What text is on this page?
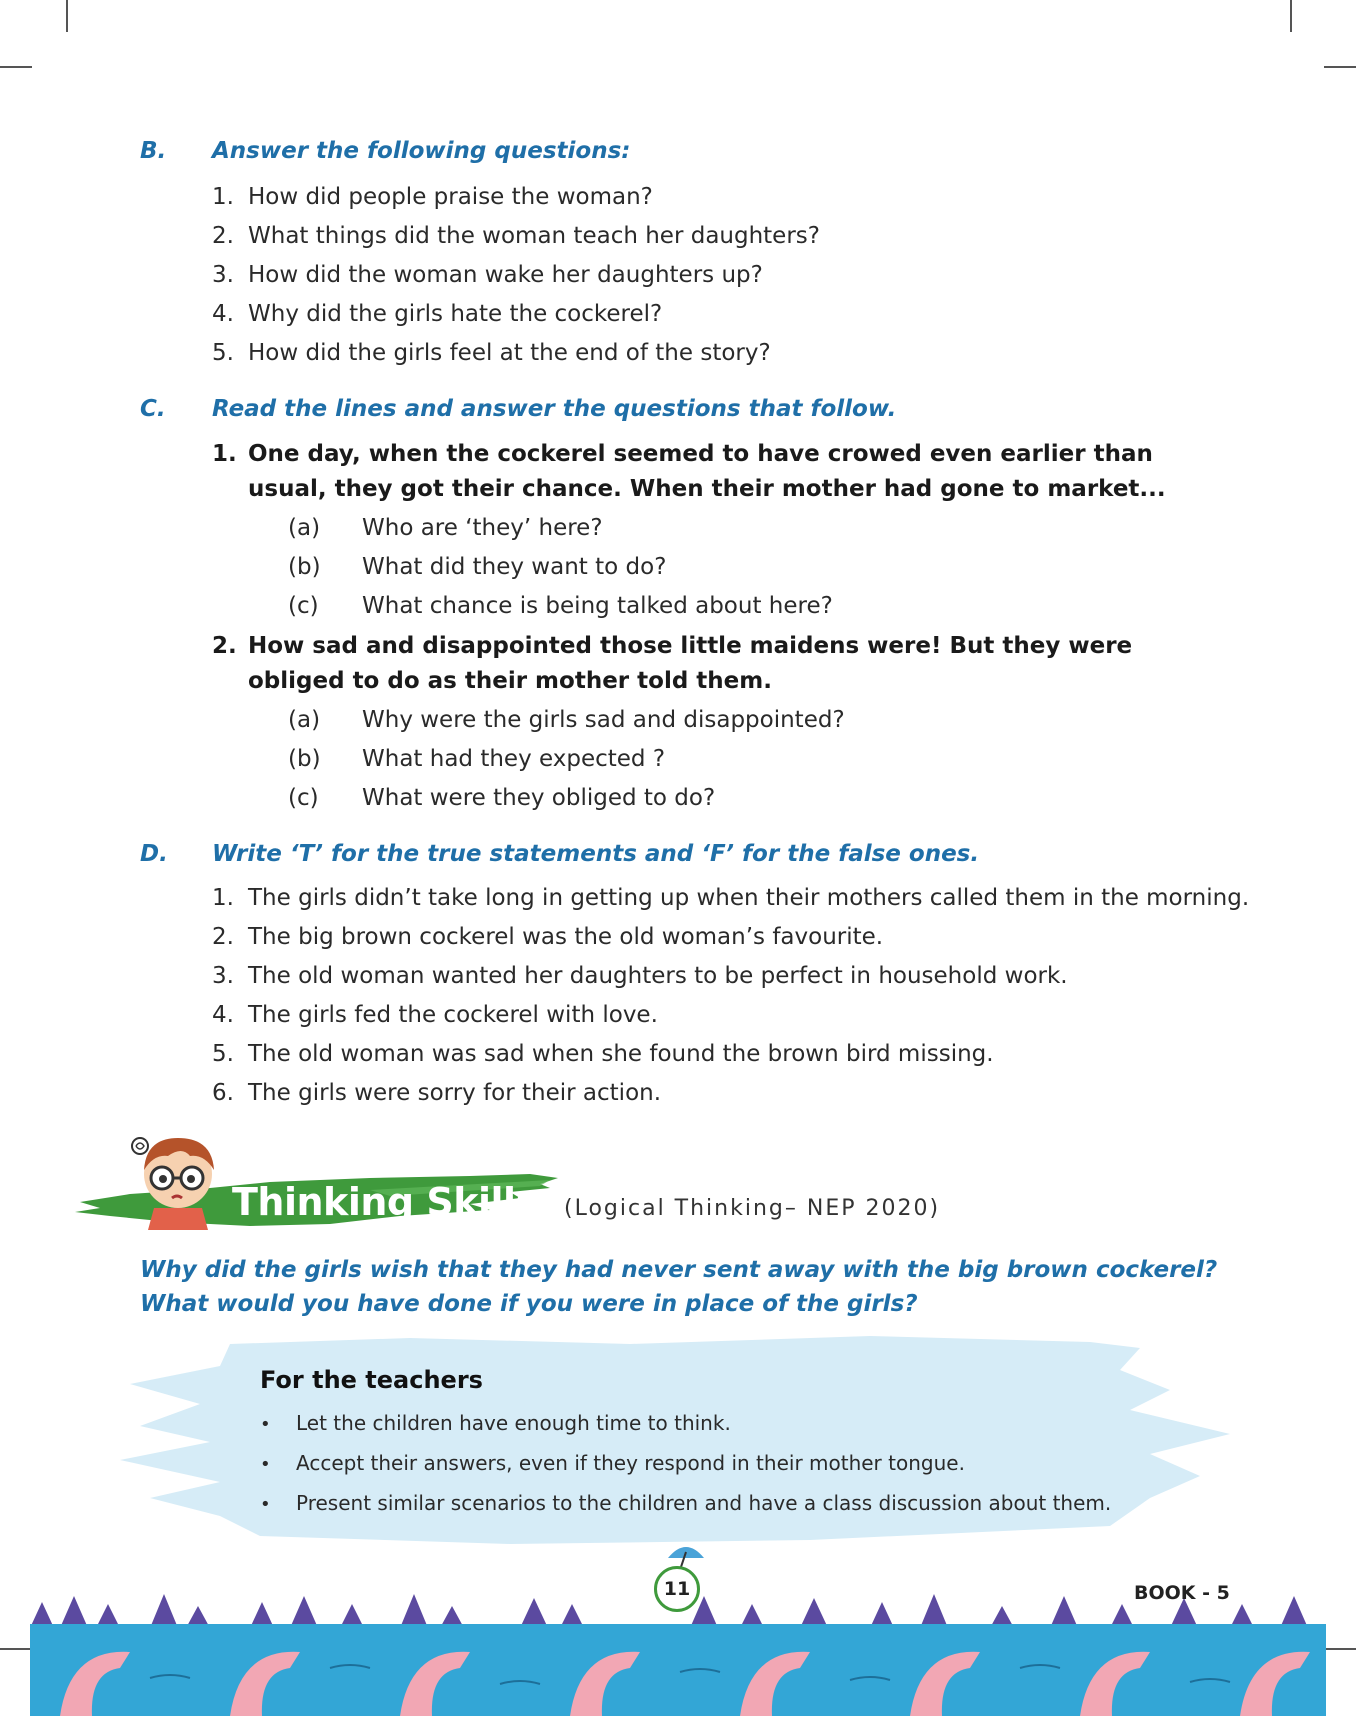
B. Answer the following questions:
1. How did people praise the woman?
2. What things did the woman teach her daughters?
3. How did the woman wake her daughters up?
4. Why did the girls hate the cockerel?
5. How did the girls feel at the end of the story?
C. Read the lines and answer the questions that follow.
1. One day, when the cockerel seemed to have crowed even earlier than usual, they got their chance. When their mother had gone to market...
(a) Who are ‘they’ here?
(b) What did they want to do?
(c) What chance is being talked about here?
2. How sad and disappointed those little maidens were! But they were obliged to do as their mother told them.
(a) Why were the girls sad and disappointed?
(b) What had they expected ?
(c) What were they obliged to do?
D. Write ‘T’ for the true statements and ‘F’ for the false ones.
1. The girls didn’t take long in getting up when their mothers called them in the morning.
2. The big brown cockerel was the old woman’s favourite.
3. The old woman wanted her daughters to be perfect in household work.
4. The girls fed the cockerel with love.
5. The old woman was sad when she found the brown bird missing.
6. The girls were sorry for their action.
Thinking Skills (Logical Thinking– NEP 2020)
Why did the girls wish that they had never sent away with the big brown cockerel? What would you have done if you were in place of the girls?
For the teachers
• Let the children have enough time to think.
• Accept their answers, even if they respond in their mother tongue.
• Present similar scenarios to the children and have a class discussion about them.
11	BOOK - 5
